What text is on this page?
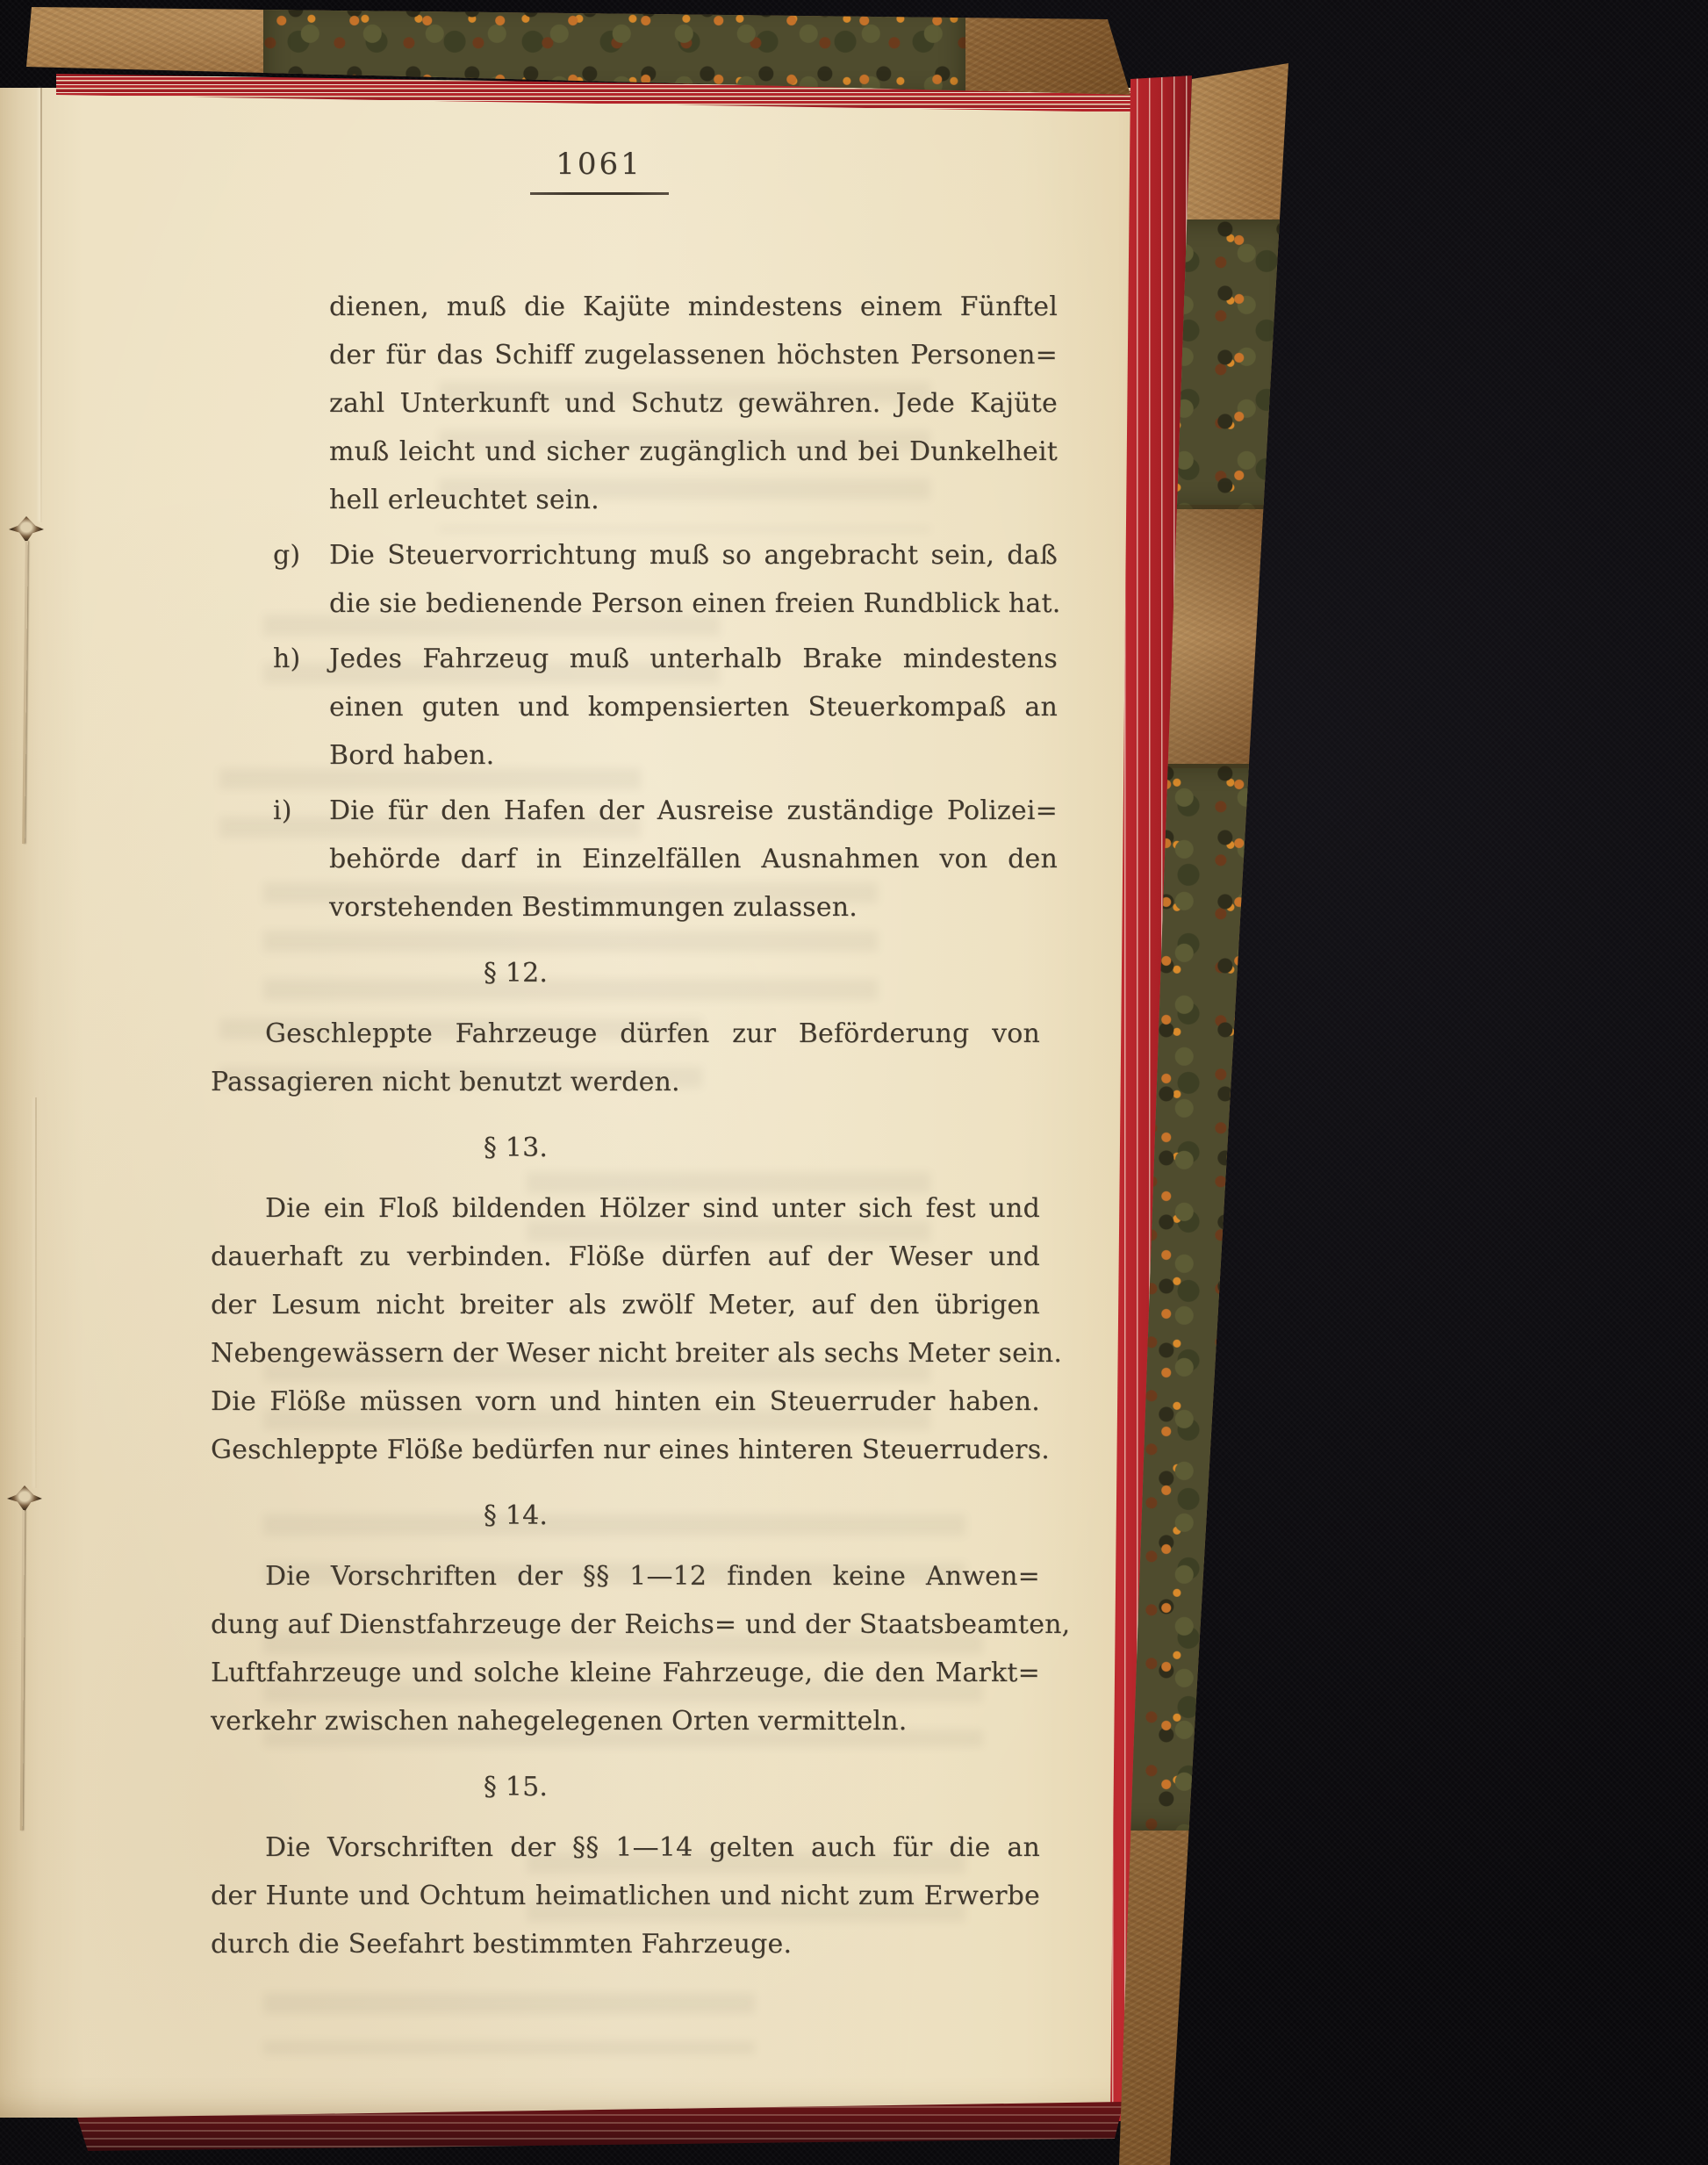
1061
dienen, muß die Kajüte mindestens einem Fünftel
der für das Schiff zugelassenen höchsten Personen=
zahl Unterkunft und Schutz gewähren. Jede Kajüte
muß leicht und sicher zugänglich und bei Dunkelheit
hell erleuchtet sein.
g)	Die Steuervorrichtung muß so angebracht sein, daß
die sie bedienende Person einen freien Rundblick hat.
h)	Jedes Fahrzeug muß unterhalb Brake mindestens
einen guten und kompensierten Steuerkompaß an
Bord haben.
i)	Die für den Hafen der Ausreise zuständige Polizei=
behörde darf in Einzelfällen Ausnahmen von den
vorstehenden Bestimmungen zulassen.
§ 12.
Geschleppte Fahrzeuge dürfen zur Beförderung von
Passagieren nicht benutzt werden.
§ 13.
Die ein Floß bildenden Hölzer sind unter sich fest und
dauerhaft zu verbinden. Flöße dürfen auf der Weser und
der Lesum nicht breiter als zwölf Meter, auf den übrigen
Nebengewässern der Weser nicht breiter als sechs Meter sein.
Die Flöße müssen vorn und hinten ein Steuerruder haben.
Geschleppte Flöße bedürfen nur eines hinteren Steuerruders.
§ 14.
Die Vorschriften der §§ 1—12 finden keine Anwen=
dung auf Dienstfahrzeuge der Reichs= und der Staatsbeamten,
Luftfahrzeuge und solche kleine Fahrzeuge, die den Markt=
verkehr zwischen nahegelegenen Orten vermitteln.
§ 15.
Die Vorschriften der §§ 1—14 gelten auch für die an
der Hunte und Ochtum heimatlichen und nicht zum Erwerbe
durch die Seefahrt bestimmten Fahrzeuge.
